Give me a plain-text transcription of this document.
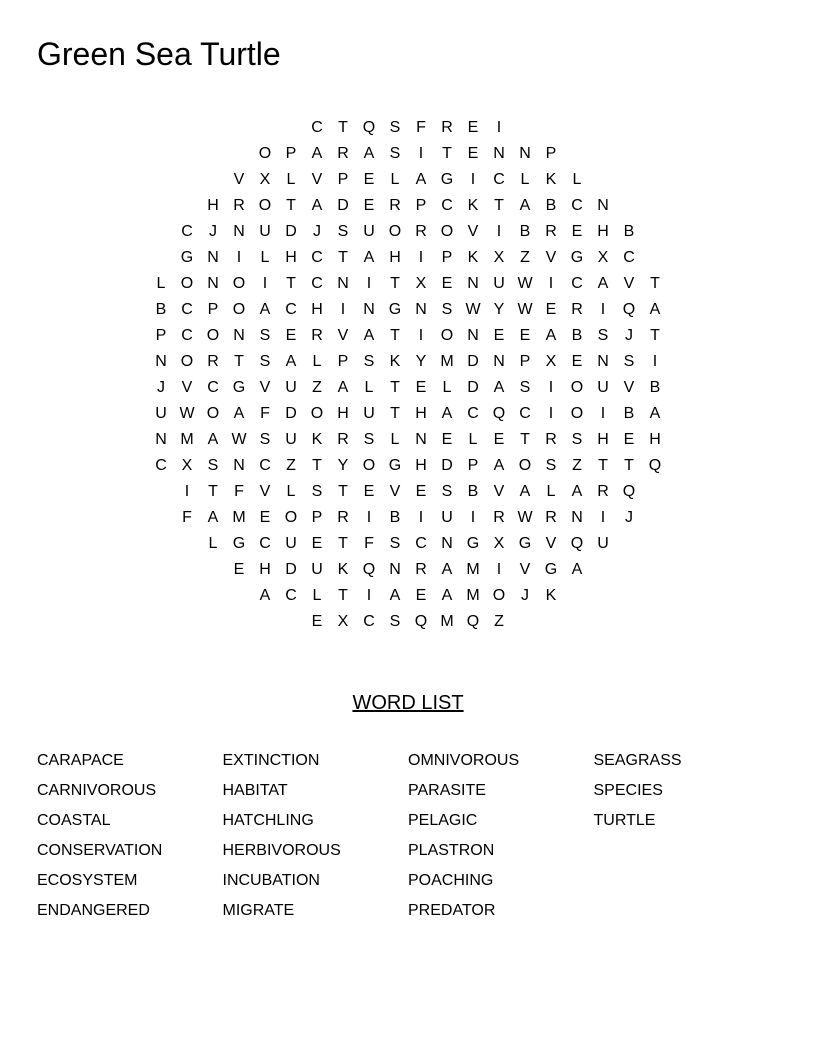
Green Sea Turtle
C T Q S F R E	I
O P A R A S	I	T E N N P
V X	L	V P E	L	A G	I	C L	K	L
H R O T A D E R P C K T A B C N
C	J	N U D	J	S U O R O V	I	B R E H B
G N	I	L H C T A H	I	P K X Z V G X C
L O N O	I	T C N	I	T X E N U W	I	C A V T
B C P O A C H	I	N G N S W Y W E R	I	Q A
P C O N S E R V A T	I	O N E E A B S	J	T
N O R T S A	L	P S K Y M D N P X E N S	I
J	V C G V U Z A	L	T E	L D A S	I	O U V B
U W O A F D O H U T H A C Q C	I	O	I	B A
N M A W S U K R S	L N E	L	E T R S H E H
C X S N C Z	T Y O G H D P A O S Z	T	T Q
I	T	F V	L	S T E V E S B V A	L	A R Q
F A M E O P R	I	B	I	U	I	R W R N	I	J
L G C U E T	F S C N G X G V Q U
E H D U K Q N R A M	I	V G A
A C L	T	I	A E A M O J	K
E X C S Q M Q Z
WORD LIST
CARAPACE
CARNIVOROUS
COASTAL
CONSERVATION
ECOSYSTEM
ENDANGERED
EXTINCTION
HABITAT
HATCHLING
HERBIVOROUS
INCUBATION
MIGRATE
OMNIVOROUS
PARASITE
PELAGIC
PLASTRON
POACHING
PREDATOR
SEAGRASS
SPECIES
TURTLE
